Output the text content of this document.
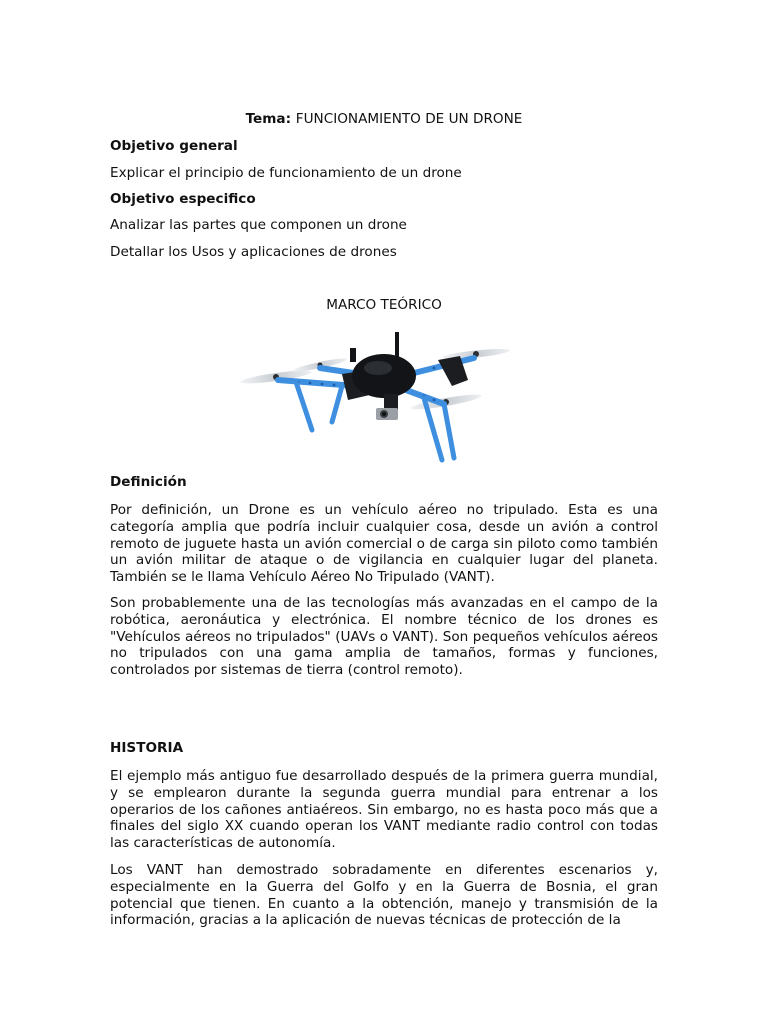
Tema: FUNCIONAMIENTO DE UN DRONE

Objetivo general

Explicar el principio de funcionamiento de un drone

Objetivo especifico

Analizar las partes que componen un drone

Detallar los Usos y aplicaciones de drones

MARCO TEÓRICO

Definición

Por definición, un Drone es un vehículo aéreo no tripulado. Esta es una categoría amplia que podría incluir cualquier cosa, desde un avión a control remoto de juguete hasta un avión comercial o de carga sin piloto como también un avión militar de ataque o de vigilancia en cualquier lugar del planeta. También se le llama Vehículo Aéreo No Tripulado (VANT).

Son probablemente una de las tecnologías más avanzadas en el campo de la robótica, aeronáutica y electrónica. El nombre técnico de los drones es "Vehículos aéreos no tripulados" (UAVs o VANT). Son pequeños vehículos aéreos no tripulados con una gama amplia de tamaños, formas y funciones, controlados por sistemas de tierra (control remoto).

HISTORIA

El ejemplo más antiguo fue desarrollado después de la primera guerra mundial, y se emplearon durante la segunda guerra mundial para entrenar a los operarios de los cañones antiaéreos. Sin embargo, no es hasta poco más que a finales del siglo XX cuando operan los VANT mediante radio control con todas las características de autonomía.

Los VANT han demostrado sobradamente en diferentes escenarios y, especialmente en la Guerra del Golfo y en la Guerra de Bosnia, el gran potencial que tienen. En cuanto a la obtención, manejo y transmisión de la información, gracias a la aplicación de nuevas técnicas de protección de la
